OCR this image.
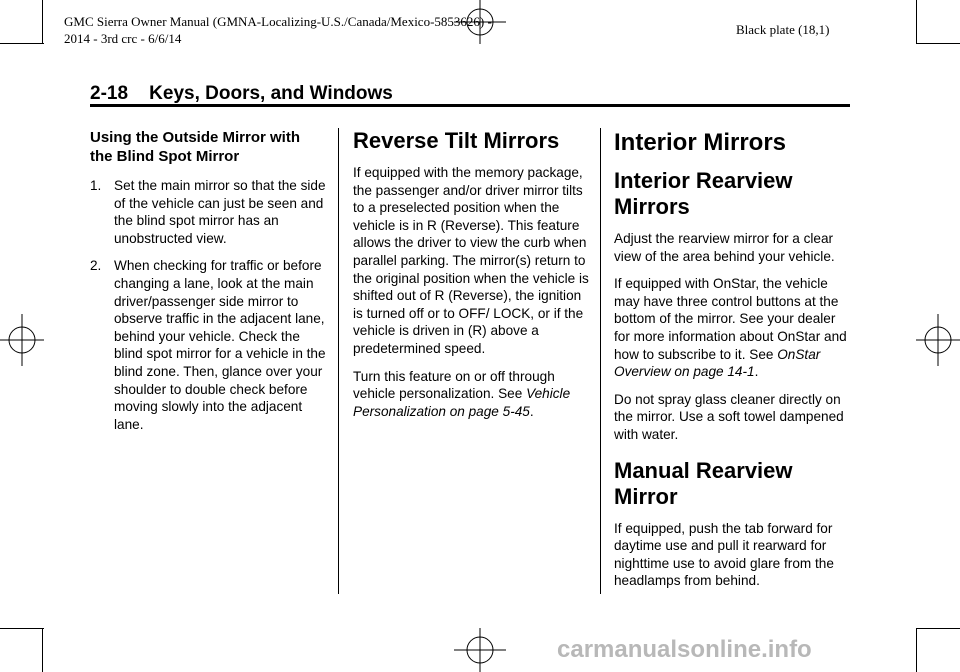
GMC Sierra Owner Manual (GMNA-Localizing-U.S./Canada/Mexico-5853626) - 2014 - 3rd crc - 6/6/14
Black plate (18,1)
2-18 Keys, Doors, and Windows
Using the Outside Mirror with the Blind Spot Mirror
1. Set the main mirror so that the side of the vehicle can just be seen and the blind spot mirror has an unobstructed view.
2. When checking for traffic or before changing a lane, look at the main driver/passenger side mirror to observe traffic in the adjacent lane, behind your vehicle. Check the blind spot mirror for a vehicle in the blind zone. Then, glance over your shoulder to double check before moving slowly into the adjacent lane.
Reverse Tilt Mirrors

If equipped with the memory package, the passenger and/or driver mirror tilts to a preselected position when the vehicle is in R (Reverse). This feature allows the driver to view the curb when parallel parking. The mirror(s) return to the original position when the vehicle is shifted out of R (Reverse), the ignition is turned off or to OFF/ LOCK, or if the vehicle is driven in (R) above a predetermined speed.

Turn this feature on or off through vehicle personalization. See Vehicle Personalization on page 5-45.

Interior Mirrors
Interior Rearview Mirrors

Adjust the rearview mirror for a clear view of the area behind your vehicle.

If equipped with OnStar, the vehicle may have three control buttons at the bottom of the mirror. See your dealer for more information about OnStar and how to subscribe to it. See OnStar Overview on page 14-1.

Do not spray glass cleaner directly on the mirror. Use a soft towel dampened with water.

Manual Rearview Mirror

If equipped, push the tab forward for daytime use and pull it rearward for nighttime use to avoid glare from the headlamps from behind.

carmanualsonline.info
